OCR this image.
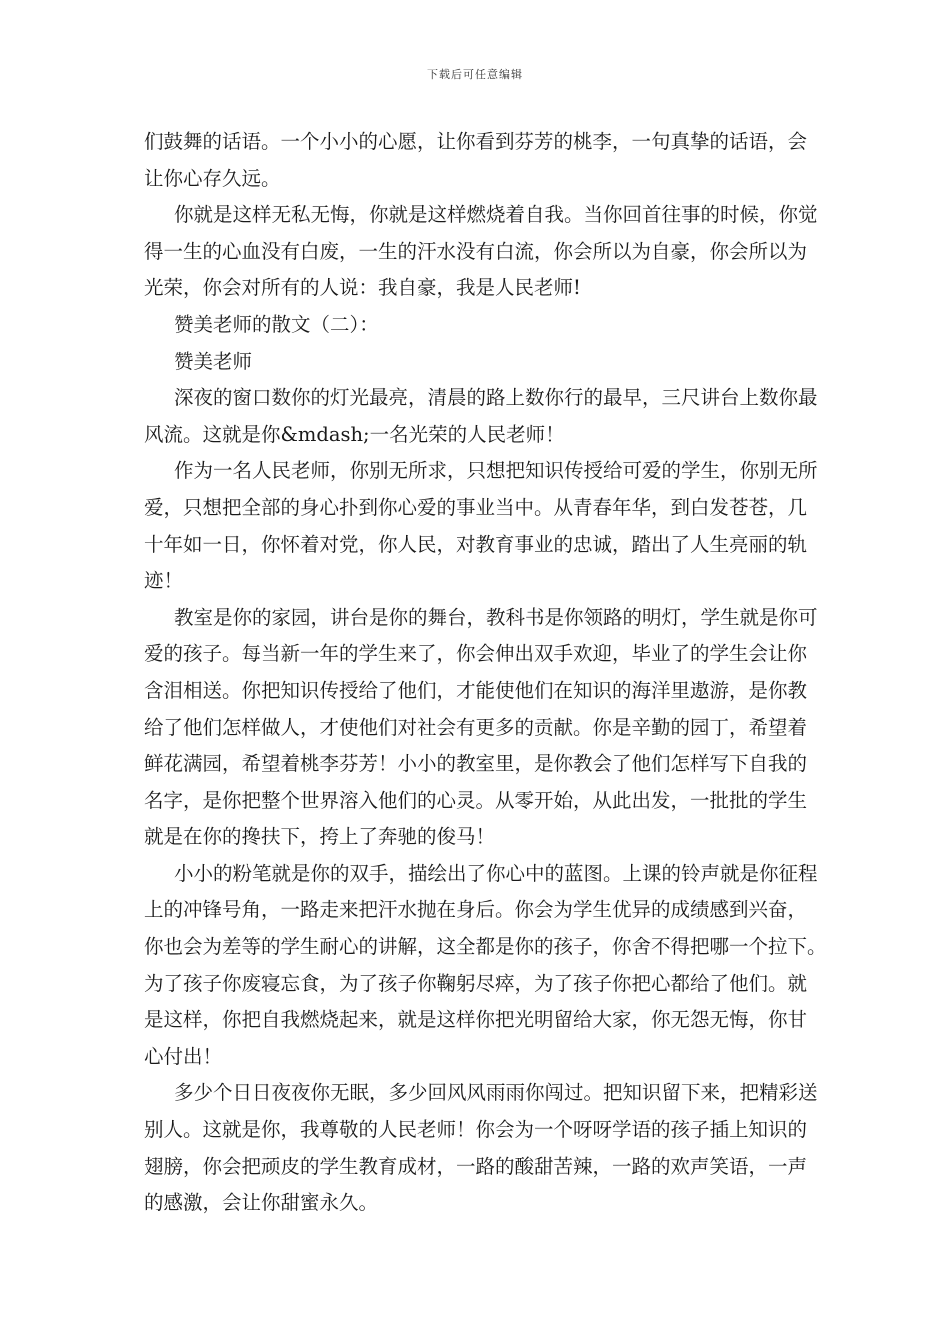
下载后可任意编辑
们鼓舞的话语。一个小小的心愿，让你看到芬芳的桃李，一句真挚的话语，会
让你心存久远。
你就是这样无私无悔，你就是这样燃烧着自我。当你回首往事的时候，你觉
得一生的心血没有白废，一生的汗水没有白流，你会所以为自豪，你会所以为
光荣，你会对所有的人说：我自豪，我是人民老师!
赞美老师的散文（二）：
赞美老师
深夜的窗口数你的灯光最亮，清晨的路上数你行的最早，三尺讲台上数你最
风流。这就是你&mdash;一名光荣的人民老师！
作为一名人民老师，你别无所求，只想把知识传授给可爱的学生，你别无所
爱，只想把全部的身心扑到你心爱的事业当中。从青春年华，到白发苍苍，几
十年如一日，你怀着对党，你人民，对教育事业的忠诚，踏出了人生亮丽的轨
迹！
教室是你的家园，讲台是你的舞台，教科书是你领路的明灯，学生就是你可
爱的孩子。每当新一年的学生来了，你会伸出双手欢迎，毕业了的学生会让你
含泪相送。你把知识传授给了他们，才能使他们在知识的海洋里遨游，是你教
给了他们怎样做人，才使他们对社会有更多的贡献。你是辛勤的园丁，希望着
鲜花满园，希望着桃李芬芳！小小的教室里，是你教会了他们怎样写下自我的
名字，是你把整个世界溶入他们的心灵。从零开始，从此出发，一批批的学生
就是在你的搀扶下，挎上了奔驰的俊马！
小小的粉笔就是你的双手，描绘出了你心中的蓝图。上课的铃声就是你征程
上的冲锋号角，一路走来把汗水抛在身后。你会为学生优异的成绩感到兴奋，
你也会为差等的学生耐心的讲解，这全都是你的孩子，你舍不得把哪一个拉下。
为了孩子你废寝忘食，为了孩子你鞠躬尽瘁，为了孩子你把心都给了他们。就
是这样，你把自我燃烧起来，就是这样你把光明留给大家，你无怨无悔，你甘
心付出！
多少个日日夜夜你无眠，多少回风风雨雨你闯过。把知识留下来，把精彩送
别人。这就是你，我尊敬的人民老师！你会为一个呀呀学语的孩子插上知识的
翅膀，你会把顽皮的学生教育成材，一路的酸甜苦辣，一路的欢声笑语，一声
的感激，会让你甜蜜永久。
